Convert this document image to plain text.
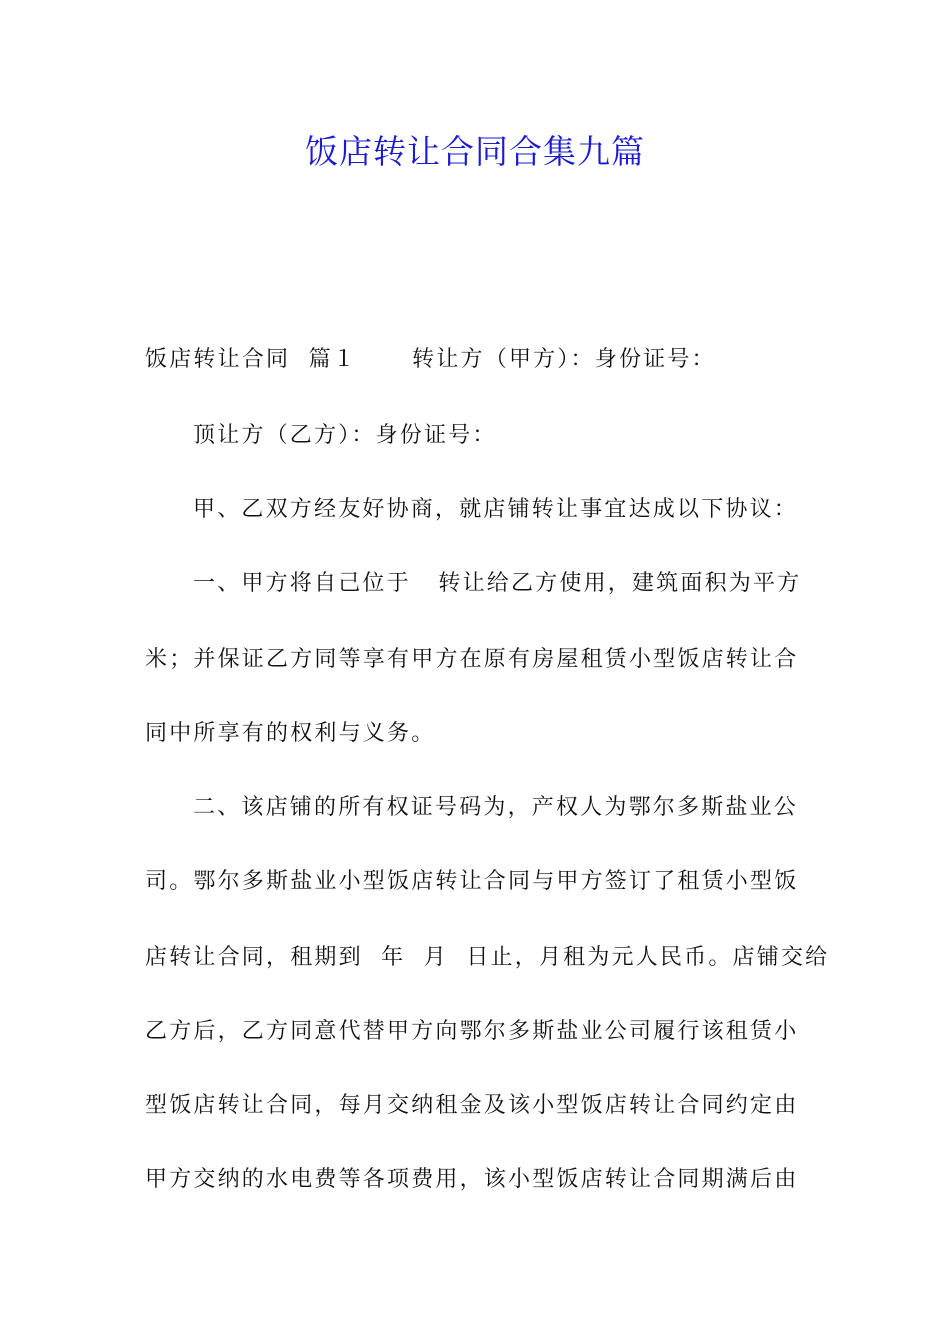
饭店转让合同合集九篇
饭店转让合同  篇１      转让方（甲方）：身份证号：
顶让方（乙方）：身份证号：
甲、乙双方经友好协商，就店铺转让事宜达成以下协议：
一、甲方将自己位于   转让给乙方使用，建筑面积为平方
米；并保证乙方同等享有甲方在原有房屋租赁小型饭店转让合
同中所享有的权利与义务。
二、该店铺的所有权证号码为，产权人为鄂尔多斯盐业公
司。鄂尔多斯盐业小型饭店转让合同与甲方签订了租赁小型饭
店转让合同，租期到  年  月  日止，月租为元人民币。店铺交给
乙方后，乙方同意代替甲方向鄂尔多斯盐业公司履行该租赁小
型饭店转让合同，每月交纳租金及该小型饭店转让合同约定由
甲方交纳的水电费等各项费用，该小型饭店转让合同期满后由
